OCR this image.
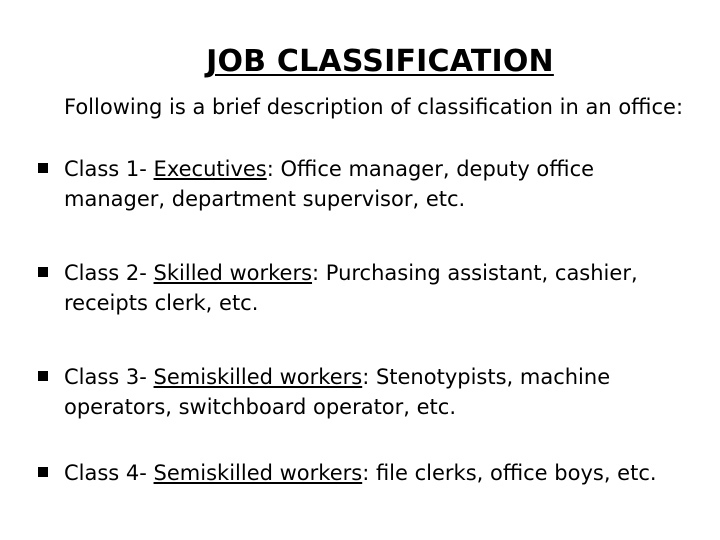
JOB CLASSIFICATION
Following is a brief description of classification in an office:
Class 1- Executives: Office manager, deputy office manager, department supervisor, etc.
Class 2- Skilled workers: Purchasing assistant, cashier, receipts clerk, etc.
Class 3- Semiskilled workers: Stenotypists, machine operators, switchboard operator, etc.
Class 4- Semiskilled workers: file clerks, office boys, etc.
